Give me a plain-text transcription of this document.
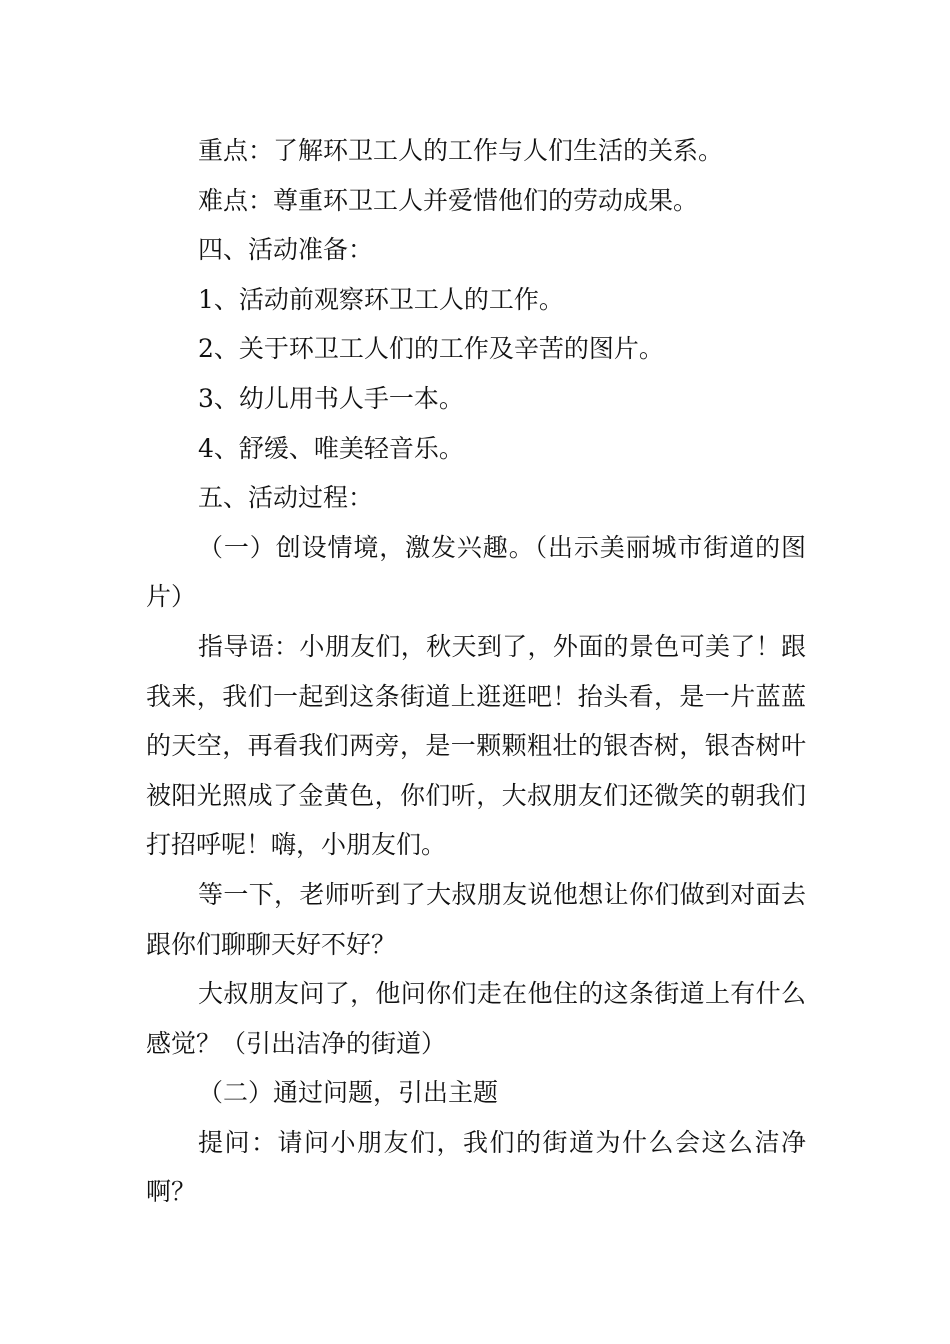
重点：了解环卫工人的工作与人们生活的关系。

难点：尊重环卫工人并爱惜他们的劳动成果。

四、活动准备：

1、活动前观察环卫工人的工作。

2、关于环卫工人们的工作及辛苦的图片。

3、幼儿用书人手一本。

4、舒缓、唯美轻音乐。

五、活动过程：

（一）创设情境，激发兴趣。（出示美丽城市街道的图片）

指导语：小朋友们，秋天到了，外面的景色可美了！跟我来，我们一起到这条街道上逛逛吧！抬头看，是一片蓝蓝的天空，再看我们两旁，是一颗颗粗壮的银杏树，银杏树叶被阳光照成了金黄色，你们听，大叔朋友们还微笑的朝我们打招呼呢！嗨，小朋友们。

等一下，老师听到了大叔朋友说他想让你们做到对面去跟你们聊聊天好不好？

大叔朋友问了，他问你们走在他住的这条街道上有什么感觉？（引出洁净的街道）

（二）通过问题，引出主题

提问：请问小朋友们，我们的街道为什么会这么洁净啊？
